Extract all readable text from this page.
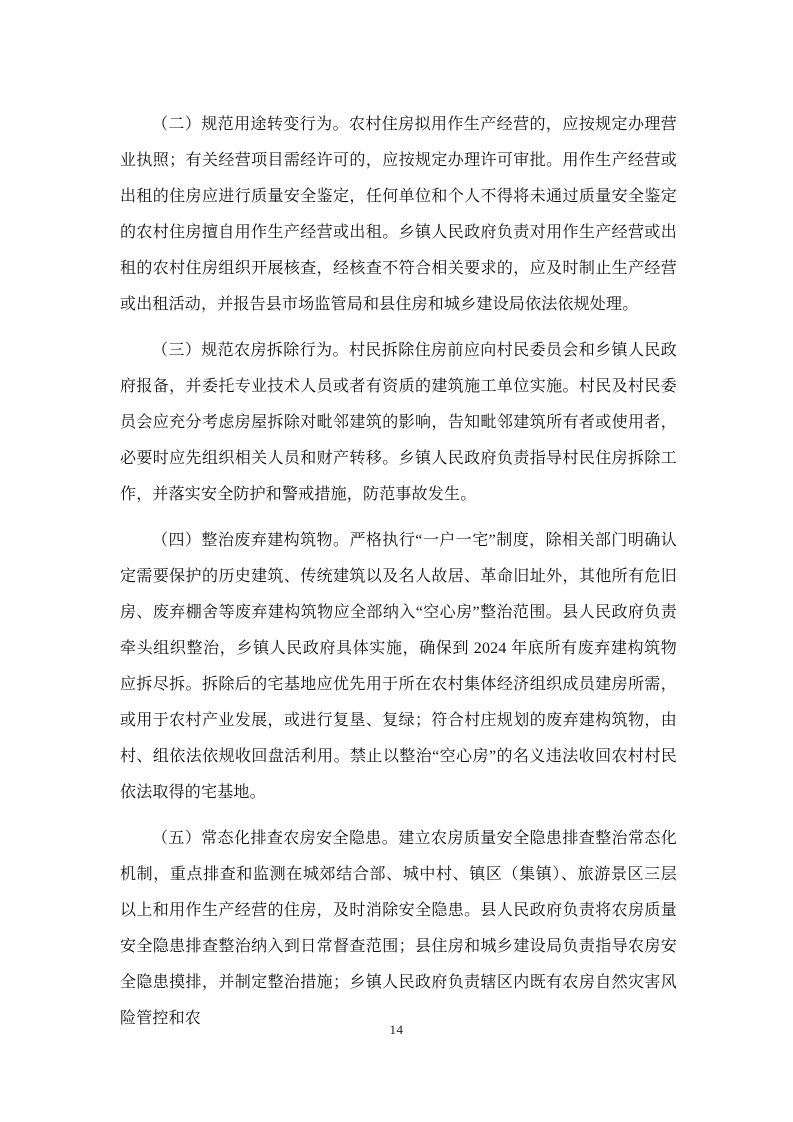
（二）规范用途转变行为。农村住房拟用作生产经营的，应按规定办理营业执照；有关经营项目需经许可的，应按规定办理许可审批。用作生产经营或出租的住房应进行质量安全鉴定，任何单位和个人不得将未通过质量安全鉴定的农村住房擅自用作生产经营或出租。乡镇人民政府负责对用作生产经营或出租的农村住房组织开展核查，经核查不符合相关要求的，应及时制止生产经营或出租活动，并报告县市场监管局和县住房和城乡建设局依法依规处理。

（三）规范农房拆除行为。村民拆除住房前应向村民委员会和乡镇人民政府报备，并委托专业技术人员或者有资质的建筑施工单位实施。村民及村民委员会应充分考虑房屋拆除对毗邻建筑的影响，告知毗邻建筑所有者或使用者，必要时应先组织相关人员和财产转移。乡镇人民政府负责指导村民住房拆除工作，并落实安全防护和警戒措施，防范事故发生。

（四）整治废弃建构筑物。严格执行“一户一宅”制度，除相关部门明确认定需要保护的历史建筑、传统建筑以及名人故居、革命旧址外，其他所有危旧房、废弃棚舍等废弃建构筑物应全部纳入“空心房”整治范围。县人民政府负责牵头组织整治，乡镇人民政府具体实施，确保到 2024 年底所有废弃建构筑物应拆尽拆。拆除后的宅基地应优先用于所在农村集体经济组织成员建房所需，或用于农村产业发展，或进行复垦、复绿；符合村庄规划的废弃建构筑物，由村、组依法依规收回盘活利用。禁止以整治“空心房”的名义违法收回农村村民依法取得的宅基地。

（五）常态化排查农房安全隐患。建立农房质量安全隐患排查整治常态化机制，重点排查和监测在城郊结合部、城中村、镇区（集镇）、旅游景区三层以上和用作生产经营的住房，及时消除安全隐患。县人民政府负责将农房质量安全隐患排查整治纳入到日常督查范围；县住房和城乡建设局负责指导农房安全隐患摸排，并制定整治措施；乡镇人民政府负责辖区内既有农房自然灾害风险管控和农

14
